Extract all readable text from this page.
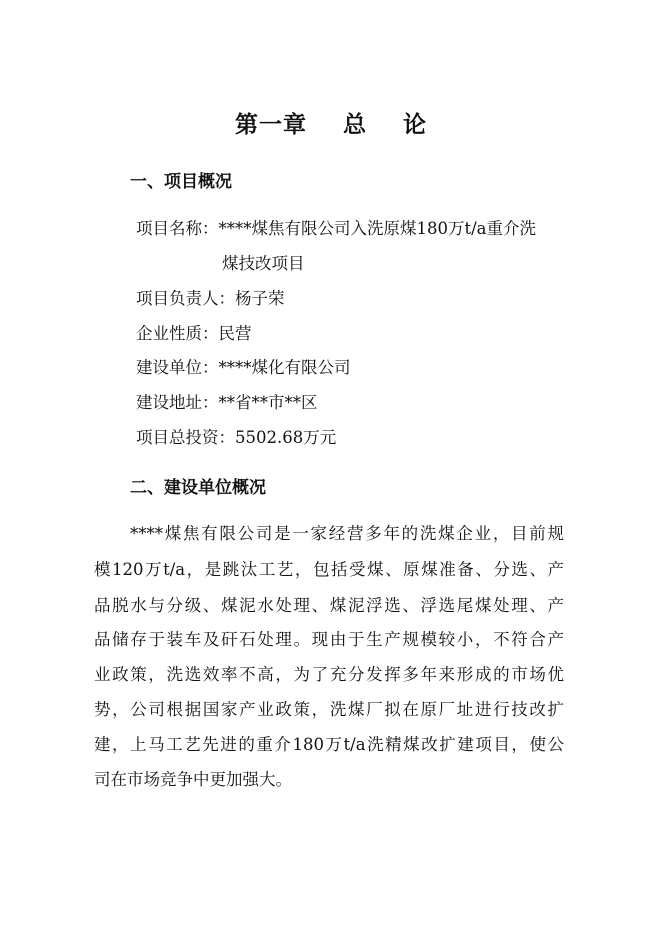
第一章 总 论
一、项目概况
项目名称：****煤焦有限公司入洗原煤180万t/a重介洗
煤技改项目
项目负责人：杨子荣
企业性质：民营
建设单位：****煤化有限公司
建设地址：**省**市**区
项目总投资：5502.68万元
二、建设单位概况
****煤焦有限公司是一家经营多年的洗煤企业，目前规
模120万t/a，是跳汰工艺，包括受煤、原煤准备、分选、产
品脱水与分级、煤泥水处理、煤泥浮选、浮选尾煤处理、产
品储存于装车及矸石处理。现由于生产规模较小，不符合产
业政策，洗选效率不高，为了充分发挥多年来形成的市场优
势，公司根据国家产业政策，洗煤厂拟在原厂址进行技改扩
建，上马工艺先进的重介180万t/a洗精煤改扩建项目，使公
司在市场竞争中更加强大。
